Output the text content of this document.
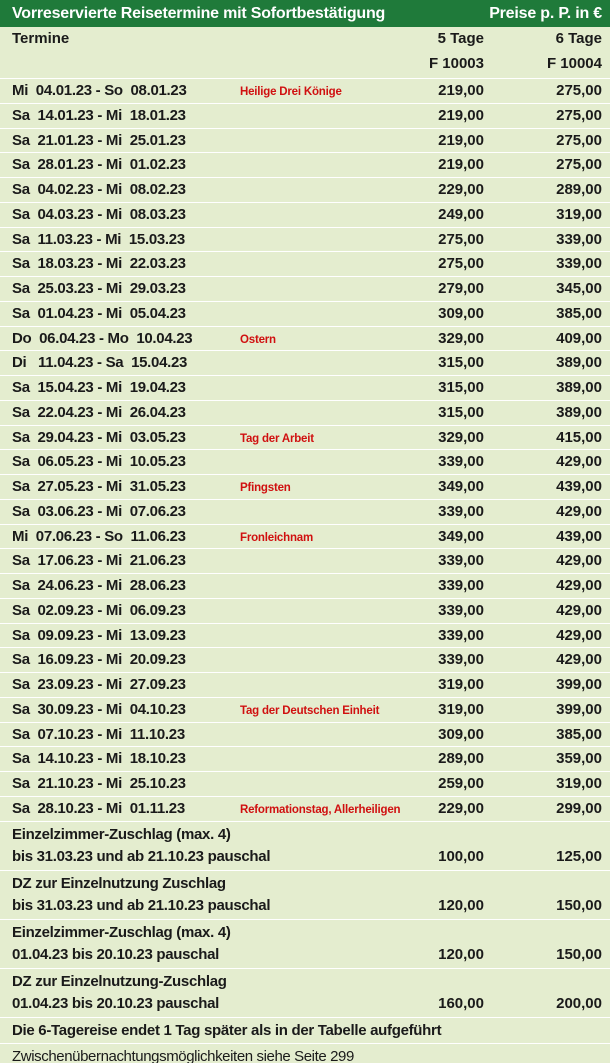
Vorreservierte Reisetermine mit Sofortbestätigung	Preise p. P. in €
Termine	5 Tage	6 Tage
F 10003	F 10004
Mi  04.01.23 - So  08.01.23	Heilige Drei Könige	219,00	275,00
Sa  14.01.23 - Mi  18.01.23	219,00	275,00
Sa  21.01.23 - Mi  25.01.23	219,00	275,00
Sa  28.01.23 - Mi  01.02.23	219,00	275,00
Sa  04.02.23 - Mi  08.02.23	229,00	289,00
Sa  04.03.23 - Mi  08.03.23	249,00	319,00
Sa  11.03.23 - Mi  15.03.23	275,00	339,00
Sa  18.03.23 - Mi  22.03.23	275,00	339,00
Sa  25.03.23 - Mi  29.03.23	279,00	345,00
Sa  01.04.23 - Mi  05.04.23	309,00	385,00
Do  06.04.23 - Mo  10.04.23	Ostern	329,00	409,00
Di   11.04.23 - Sa  15.04.23	315,00	389,00
Sa  15.04.23 - Mi  19.04.23	315,00	389,00
Sa  22.04.23 - Mi  26.04.23	315,00	389,00
Sa  29.04.23 - Mi  03.05.23	Tag der Arbeit	329,00	415,00
Sa  06.05.23 - Mi  10.05.23	339,00	429,00
Sa  27.05.23 - Mi  31.05.23	Pfingsten	349,00	439,00
Sa  03.06.23 - Mi  07.06.23	339,00	429,00
Mi  07.06.23 - So  11.06.23	Fronleichnam	349,00	439,00
Sa  17.06.23 - Mi  21.06.23	339,00	429,00
Sa  24.06.23 - Mi  28.06.23	339,00	429,00
Sa  02.09.23 - Mi  06.09.23	339,00	429,00
Sa  09.09.23 - Mi  13.09.23	339,00	429,00
Sa  16.09.23 - Mi  20.09.23	339,00	429,00
Sa  23.09.23 - Mi  27.09.23	319,00	399,00
Sa  30.09.23 - Mi  04.10.23	Tag der Deutschen Einheit	319,00	399,00
Sa  07.10.23 - Mi  11.10.23	309,00	385,00
Sa  14.10.23 - Mi  18.10.23	289,00	359,00
Sa  21.10.23 - Mi  25.10.23	259,00	319,00
Sa  28.10.23 - Mi  01.11.23	Reformationstag, Allerheiligen	229,00	299,00
Einzelzimmer-Zuschlag (max. 4)
bis 31.03.23 und ab 21.10.23 pauschal	100,00	125,00
DZ zur Einzelnutzung Zuschlag
bis 31.03.23 und ab 21.10.23 pauschal	120,00	150,00
Einzelzimmer-Zuschlag (max. 4)
01.04.23 bis 20.10.23 pauschal	120,00	150,00
DZ zur Einzelnutzung-Zuschlag
01.04.23 bis 20.10.23 pauschal	160,00	200,00
Die 6-Tagereise endet 1 Tag später als in der Tabelle aufgeführt
Zwischenübernachtungsmöglichkeiten siehe Seite 299
